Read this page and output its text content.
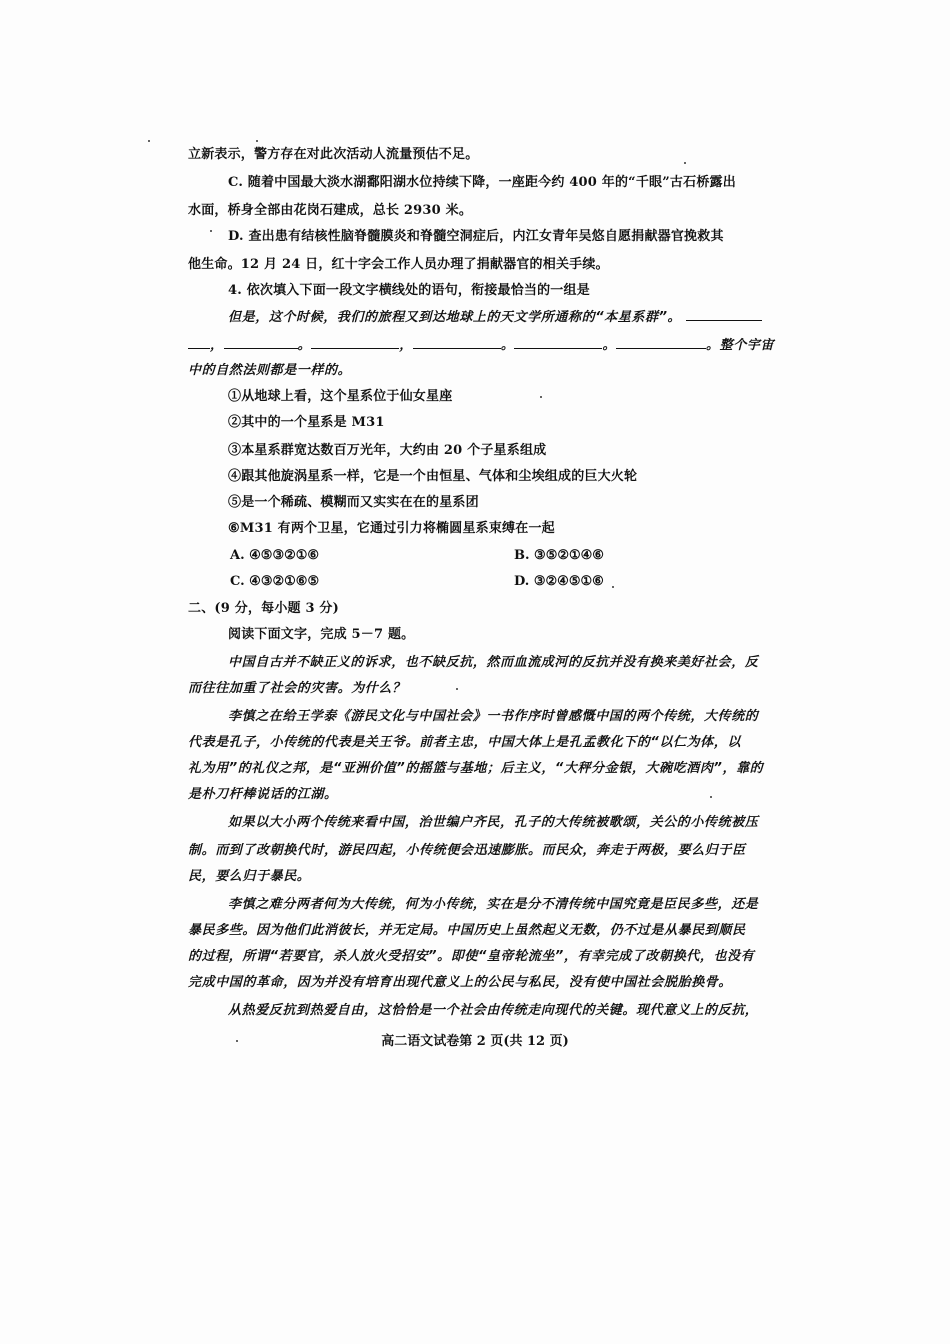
立新表示，警方存在对此次活动人流量预估不足。
C. 随着中国最大淡水湖鄱阳湖水位持续下降，一座距今约 400 年的“千眼”古石桥露出
水面，桥身全部由花岗石建成，总长 2930 米。
D. 查出患有结核性脑脊髓膜炎和脊髓空洞症后，内江女青年吴悠自愿捐献器官挽救其
他生命。12 月 24 日，红十字会工作人员办理了捐献器官的相关手续。
4. 依次填入下面一段文字横线处的语句，衔接最恰当的一组是
但是，这个时候，我们的旅程又到达地球上的天文学所通称的“本星系群”。
，	。	，	。	。	。整个宇宙
中的自然法则都是一样的。
①从地球上看，这个星系位于仙女星座
②其中的一个星系是 M31
③本星系群宽达数百万光年，大约由 20 个子星系组成
④跟其他旋涡星系一样，它是一个由恒星、气体和尘埃组成的巨大火轮
⑤是一个稀疏、模糊而又实实在在的星系团
⑥M31 有两个卫星，它通过引力将椭圆星系束缚在一起
A. ④⑤③②①⑥	B. ③⑤②①④⑥
C. ④③②①⑥⑤	D. ③②④⑤①⑥
二、(9 分，每小题 3 分)
阅读下面文字，完成 5－7 题。
中国自古并不缺正义的诉求，也不缺反抗，然而血流成河的反抗并没有换来美好社会，反
而往往加重了社会的灾害。为什么？
李慎之在给王学泰《游民文化与中国社会》一书作序时曾感慨中国的两个传统，大传统的
代表是孔子，小传统的代表是关王爷。前者主忠，中国大体上是孔孟教化下的“以仁为体，以
礼为用”的礼仪之邦，是“亚洲价值”的摇篮与基地；后主义，“大秤分金银，大碗吃酒肉”，靠的
是朴刀杆棒说话的江湖。
如果以大小两个传统来看中国，治世编户齐民，孔子的大传统被歌颂，关公的小传统被压
制。而到了改朝换代时，游民四起，小传统便会迅速膨胀。而民众，奔走于两极，要么归于臣
民，要么归于暴民。
李慎之难分两者何为大传统，何为小传统，实在是分不清传统中国究竟是臣民多些，还是
暴民多些。因为他们此消彼长，并无定局。中国历史上虽然起义无数，仍不过是从暴民到顺民
的过程，所谓“若要官，杀人放火受招安”。即使“皇帝轮流坐”，有幸完成了改朝换代，也没有
完成中国的革命，因为并没有培育出现代意义上的公民与私民，没有使中国社会脱胎换骨。
从热爱反抗到热爱自由，这恰恰是一个社会由传统走向现代的关键。现代意义上的反抗，
高二语文试卷第 2 页(共 12 页)
